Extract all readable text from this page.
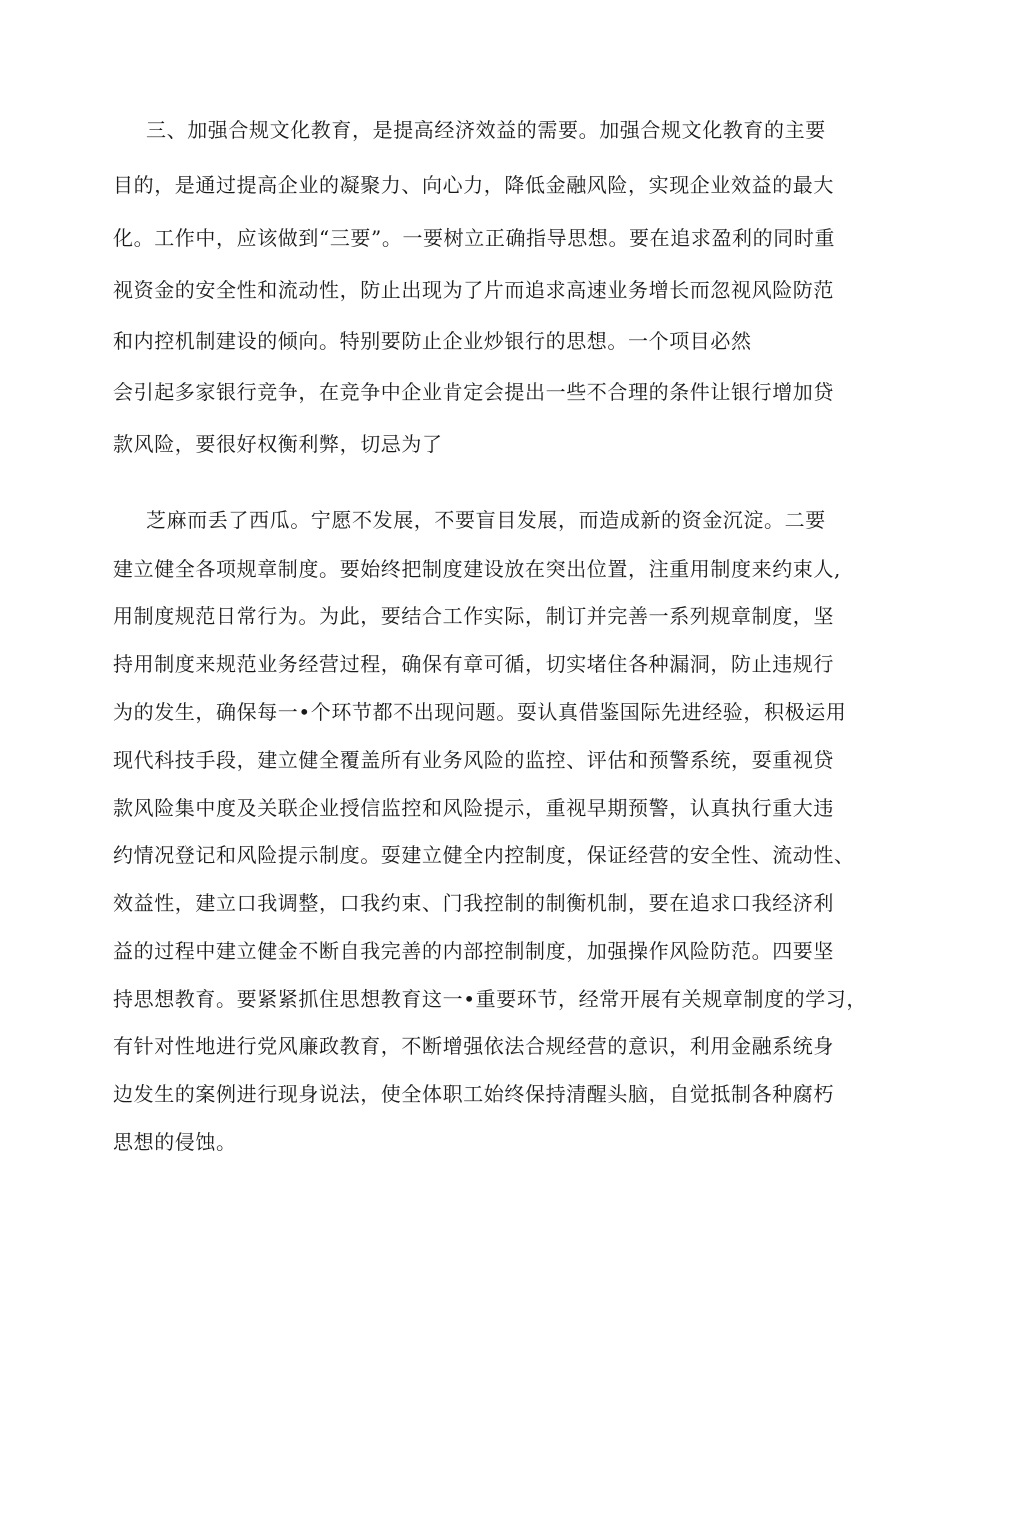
三、加强合规文化教育，是提高经济效益的需要。加强合规文化教育的主要
目的，是通过提高企业的凝聚力、向心力，降低金融风险，实现企业效益的最大
化。工作中，应该做到“三要”。一要树立正确指导思想。要在追求盈利的同时重
视资金的安全性和流动性，防止出现为了片而追求高速业务增长而忽视风险防范
和内控机制建设的倾向。特别要防止企业炒银行的思想。一个项目必然
会引起多家银行竞争，在竞争中企业肯定会提出一些不合理的条件让银行增加贷
款风险，要很好权衡利弊，切忌为了
芝麻而丢了西瓜。宁愿不发展，不要盲目发展，而造成新的资金沉淀。二要
建立健全各项规章制度。要始终把制度建设放在突出位置，注重用制度来约束人,
用制度规范日常行为。为此，要结合工作实际，制订并完善一系列规章制度，坚
持用制度来规范业务经营过程，确保有章可循，切实堵住各种漏洞，防止违规行
为的发生，确保每一•个环节都不出现问题。耍认真借鉴国际先进经验，积极运用
现代科技手段，建立健全覆盖所有业务风险的监控、评估和预警系统，耍重视贷
款风险集中度及关联企业授信监控和风险提示，重视早期预警，认真执行重大违
约情况登记和风险提示制度。耍建立健全内控制度，保证经营的安全性、流动性、
效益性，建立口我调整，口我约束、门我控制的制衡机制，要在追求口我经济利
益的过程中建立健金不断自我完善的内部控制制度，加强操作风险防范。四要坚
持思想教育。要紧紧抓住思想教育这一•重要环节，经常开展有关规章制度的学习，
有针对性地进行党风廉政教育，不断增强依法合规经营的意识，利用金融系统身
边发生的案例进行现身说法，使全体职工始终保持清醒头脑，自觉抵制各种腐朽
思想的侵蚀。
